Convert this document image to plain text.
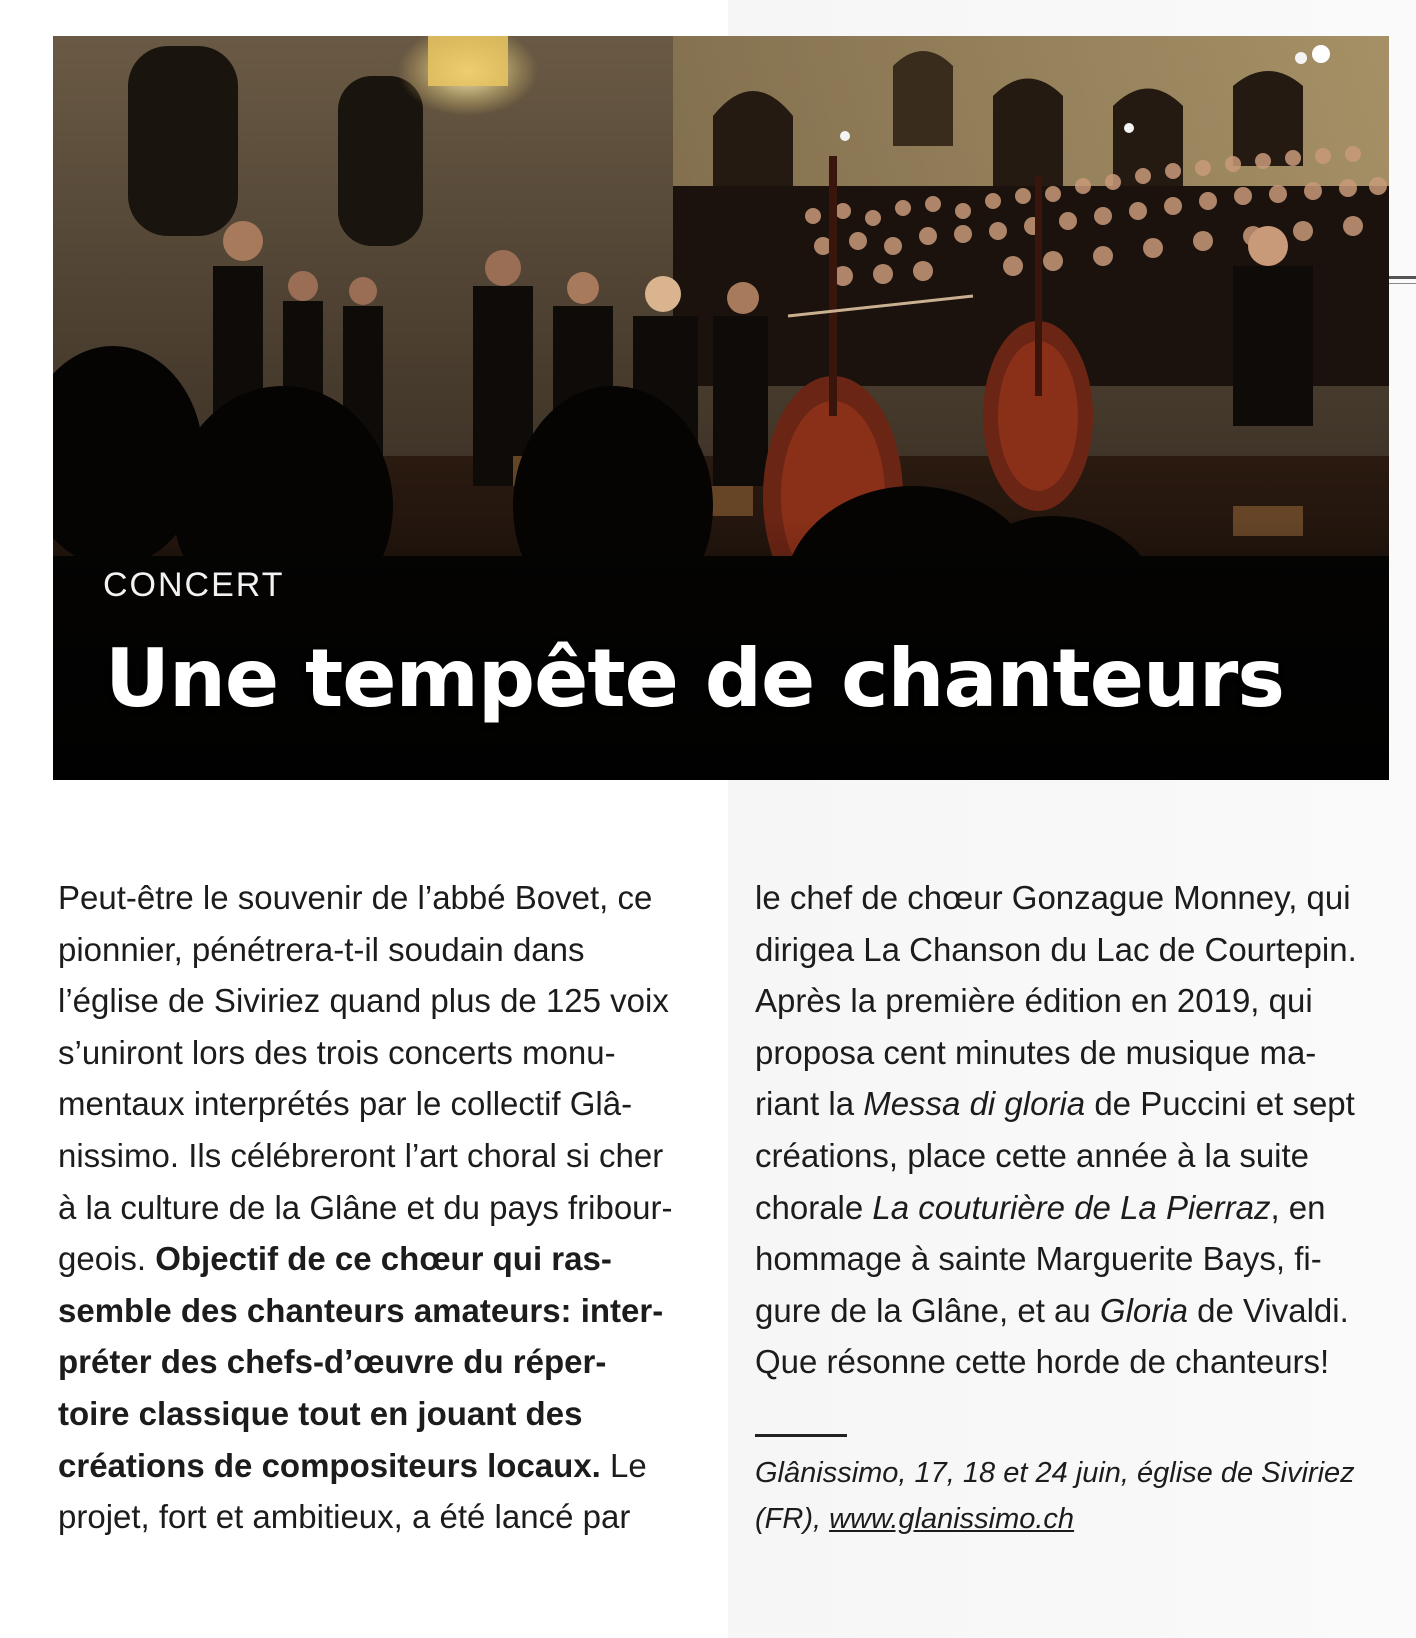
CONCERT

Une tempête de chanteurs
Peut-être le souvenir de l’abbé Bovet, ce
pionnier, pénétrera-t-il soudain dans
l’église de Siviriez quand plus de 125 voix
s’uniront lors des trois concerts monu-
mentaux interprétés par le collectif Glâ-
nissimo. Ils célébreront l’art choral si cher
à la culture de la Glâne et du pays fribour-
geois. Objectif de ce chœur qui ras-
semble des chanteurs amateurs: inter-
préter des chefs-d’œuvre du réper-
toire classique tout en jouant des
créations de compositeurs locaux. Le
projet, fort et ambitieux, a été lancé par
le chef de chœur Gonzague Monney, qui
dirigea La Chanson du Lac de Courtepin.
Après la première édition en 2019, qui
proposa cent minutes de musique ma-
riant la Messa di gloria de Puccini et sept
créations, place cette année à la suite
chorale La couturière de La Pierraz, en
hommage à sainte Marguerite Bays, fi-
gure de la Glâne, et au Gloria de Vivaldi.
Que résonne cette horde de chanteurs!
Glânissimo, 17, 18 et 24 juin, église de Siviriez
(FR), www.glanissimo.ch
